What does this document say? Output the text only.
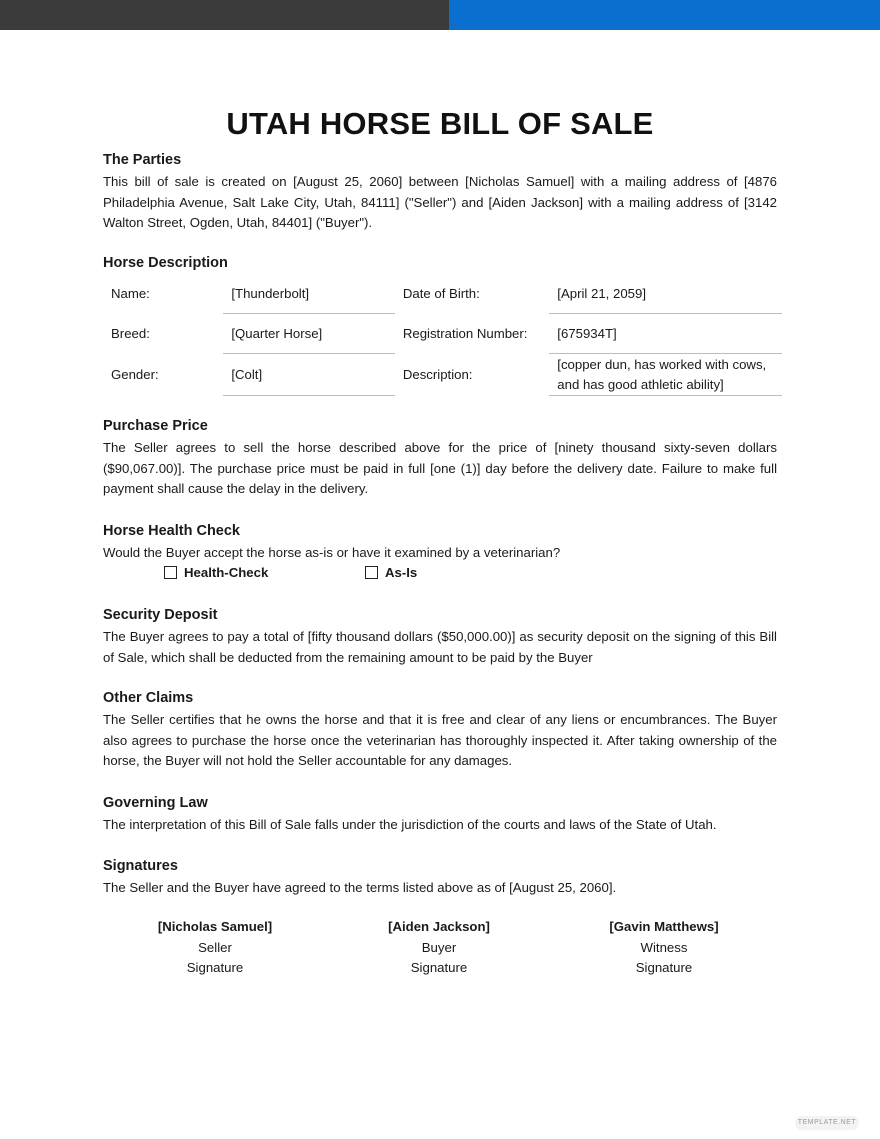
UTAH HORSE BILL OF SALE
The Parties
This bill of sale is created on [August 25, 2060] between [Nicholas Samuel] with a mailing address of [4876 Philadelphia Avenue, Salt Lake City, Utah, 84111] ("Seller") and [Aiden Jackson] with a mailing address of [3142 Walton Street, Ogden, Utah, 84401] ("Buyer").
Horse Description
Name:	[Thunderbolt]	Date of Birth:	[April 21, 2059]
Breed:	[Quarter Horse]	Registration Number:	[675934T]
Gender:	[Colt]	Description:	[copper dun, has worked with cows, and has good athletic ability]
Purchase Price
The Seller agrees to sell the horse described above for the price of [ninety thousand sixty-seven dollars ($90,067.00)]. The purchase price must be paid in full [one (1)] day before the delivery date. Failure to make full payment shall cause the delay in the delivery.
Horse Health Check
Would the Buyer accept the horse as-is or have it examined by a veterinarian?
Health-Check	As-Is
Security Deposit
The Buyer agrees to pay a total of [fifty thousand dollars ($50,000.00)] as security deposit on the signing of this Bill of Sale, which shall be deducted from the remaining amount to be paid by the Buyer
Other Claims
The Seller certifies that he owns the horse and that it is free and clear of any liens or encumbrances. The Buyer also agrees to purchase the horse once the veterinarian has thoroughly inspected it. After taking ownership of the horse, the Buyer will not hold the Seller accountable for any damages.
Governing Law
The interpretation of this Bill of Sale falls under the jurisdiction of the courts and laws of the State of Utah.
Signatures
The Seller and the Buyer have agreed to the terms listed above as of [August 25, 2060].
[Nicholas Samuel]
Seller
Signature
[Aiden Jackson]
Buyer
Signature
[Gavin Matthews]
Witness
Signature
TEMPLATE.NET
